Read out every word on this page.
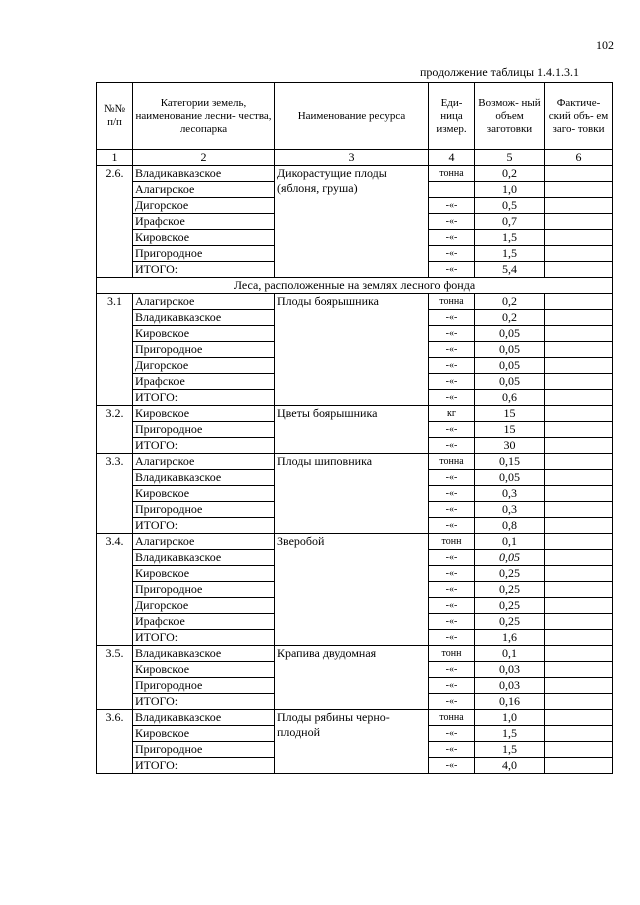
102
продолжение таблицы 1.4.1.3.1
№№ п/п	Категории земель, наименование лесни- чества, лесопарка	Наименование ресурса	Еди- ница измер.	Возмож- ный объем заготовки	Фактиче- ский объ- ем заго- товки
1	2	3	4	5	6
2.6.	Владикавказское	Дикорастущие плоды (яблоня, груша)	тонна	0,2	
	Алагирское			1,0	
	Дигорское		-«-	0,5	
	Ирафское		-«-	0,7	
	Кировское		-«-	1,5	
	Пригородное		-«-	1,5	
	ИТОГО:		-«-	5,4	
Леса, расположенные на землях лесного фонда					
3.1	Алагирское	Плоды боярышника	тонна	0,2	
	Владикавказское		-«-	0,2	
	Кировское		-«-	0,05	
	Пригородное		-«-	0,05	
	Дигорское		-«-	0,05	
	Ирафское		-«-	0,05	
	ИТОГО:		-«-	0,6	
3.2.	Кировское	Цветы боярышника	кг	15	
	Пригородное		-«-	15	
	ИТОГО:		-«-	30	
3.3.	Алагирское	Плоды шиповника	тонна	0,15	
	Владикавказское		-«-	0,05	
	Кировское		-«-	0,3	
	Пригородное		-«-	0,3	
	ИТОГО:		-«-	0,8	
3.4.	Алагирское	Зверобой	тонн	0,1	
	Владикавказское		-«-	0,05	
	Кировское		-«-	0,25	
	Пригородное		-«-	0,25	
	Дигорское		-«-	0,25	
	Ирафское		-«-	0,25	
	ИТОГО:		-«-	1,6	
3.5.	Владикавказское	Крапива двудомная	тонн	0,1	
	Кировское		-«-	0,03	
	Пригородное		-«-	0,03	
	ИТОГО:		-«-	0,16	
3.6.	Владикавказское	Плоды рябины черно- плодной	тонна	1,0	
	Кировское		-«-	1,5	
	Пригородное		-«-	1,5	
	ИТОГО:		-«-	4,0	
